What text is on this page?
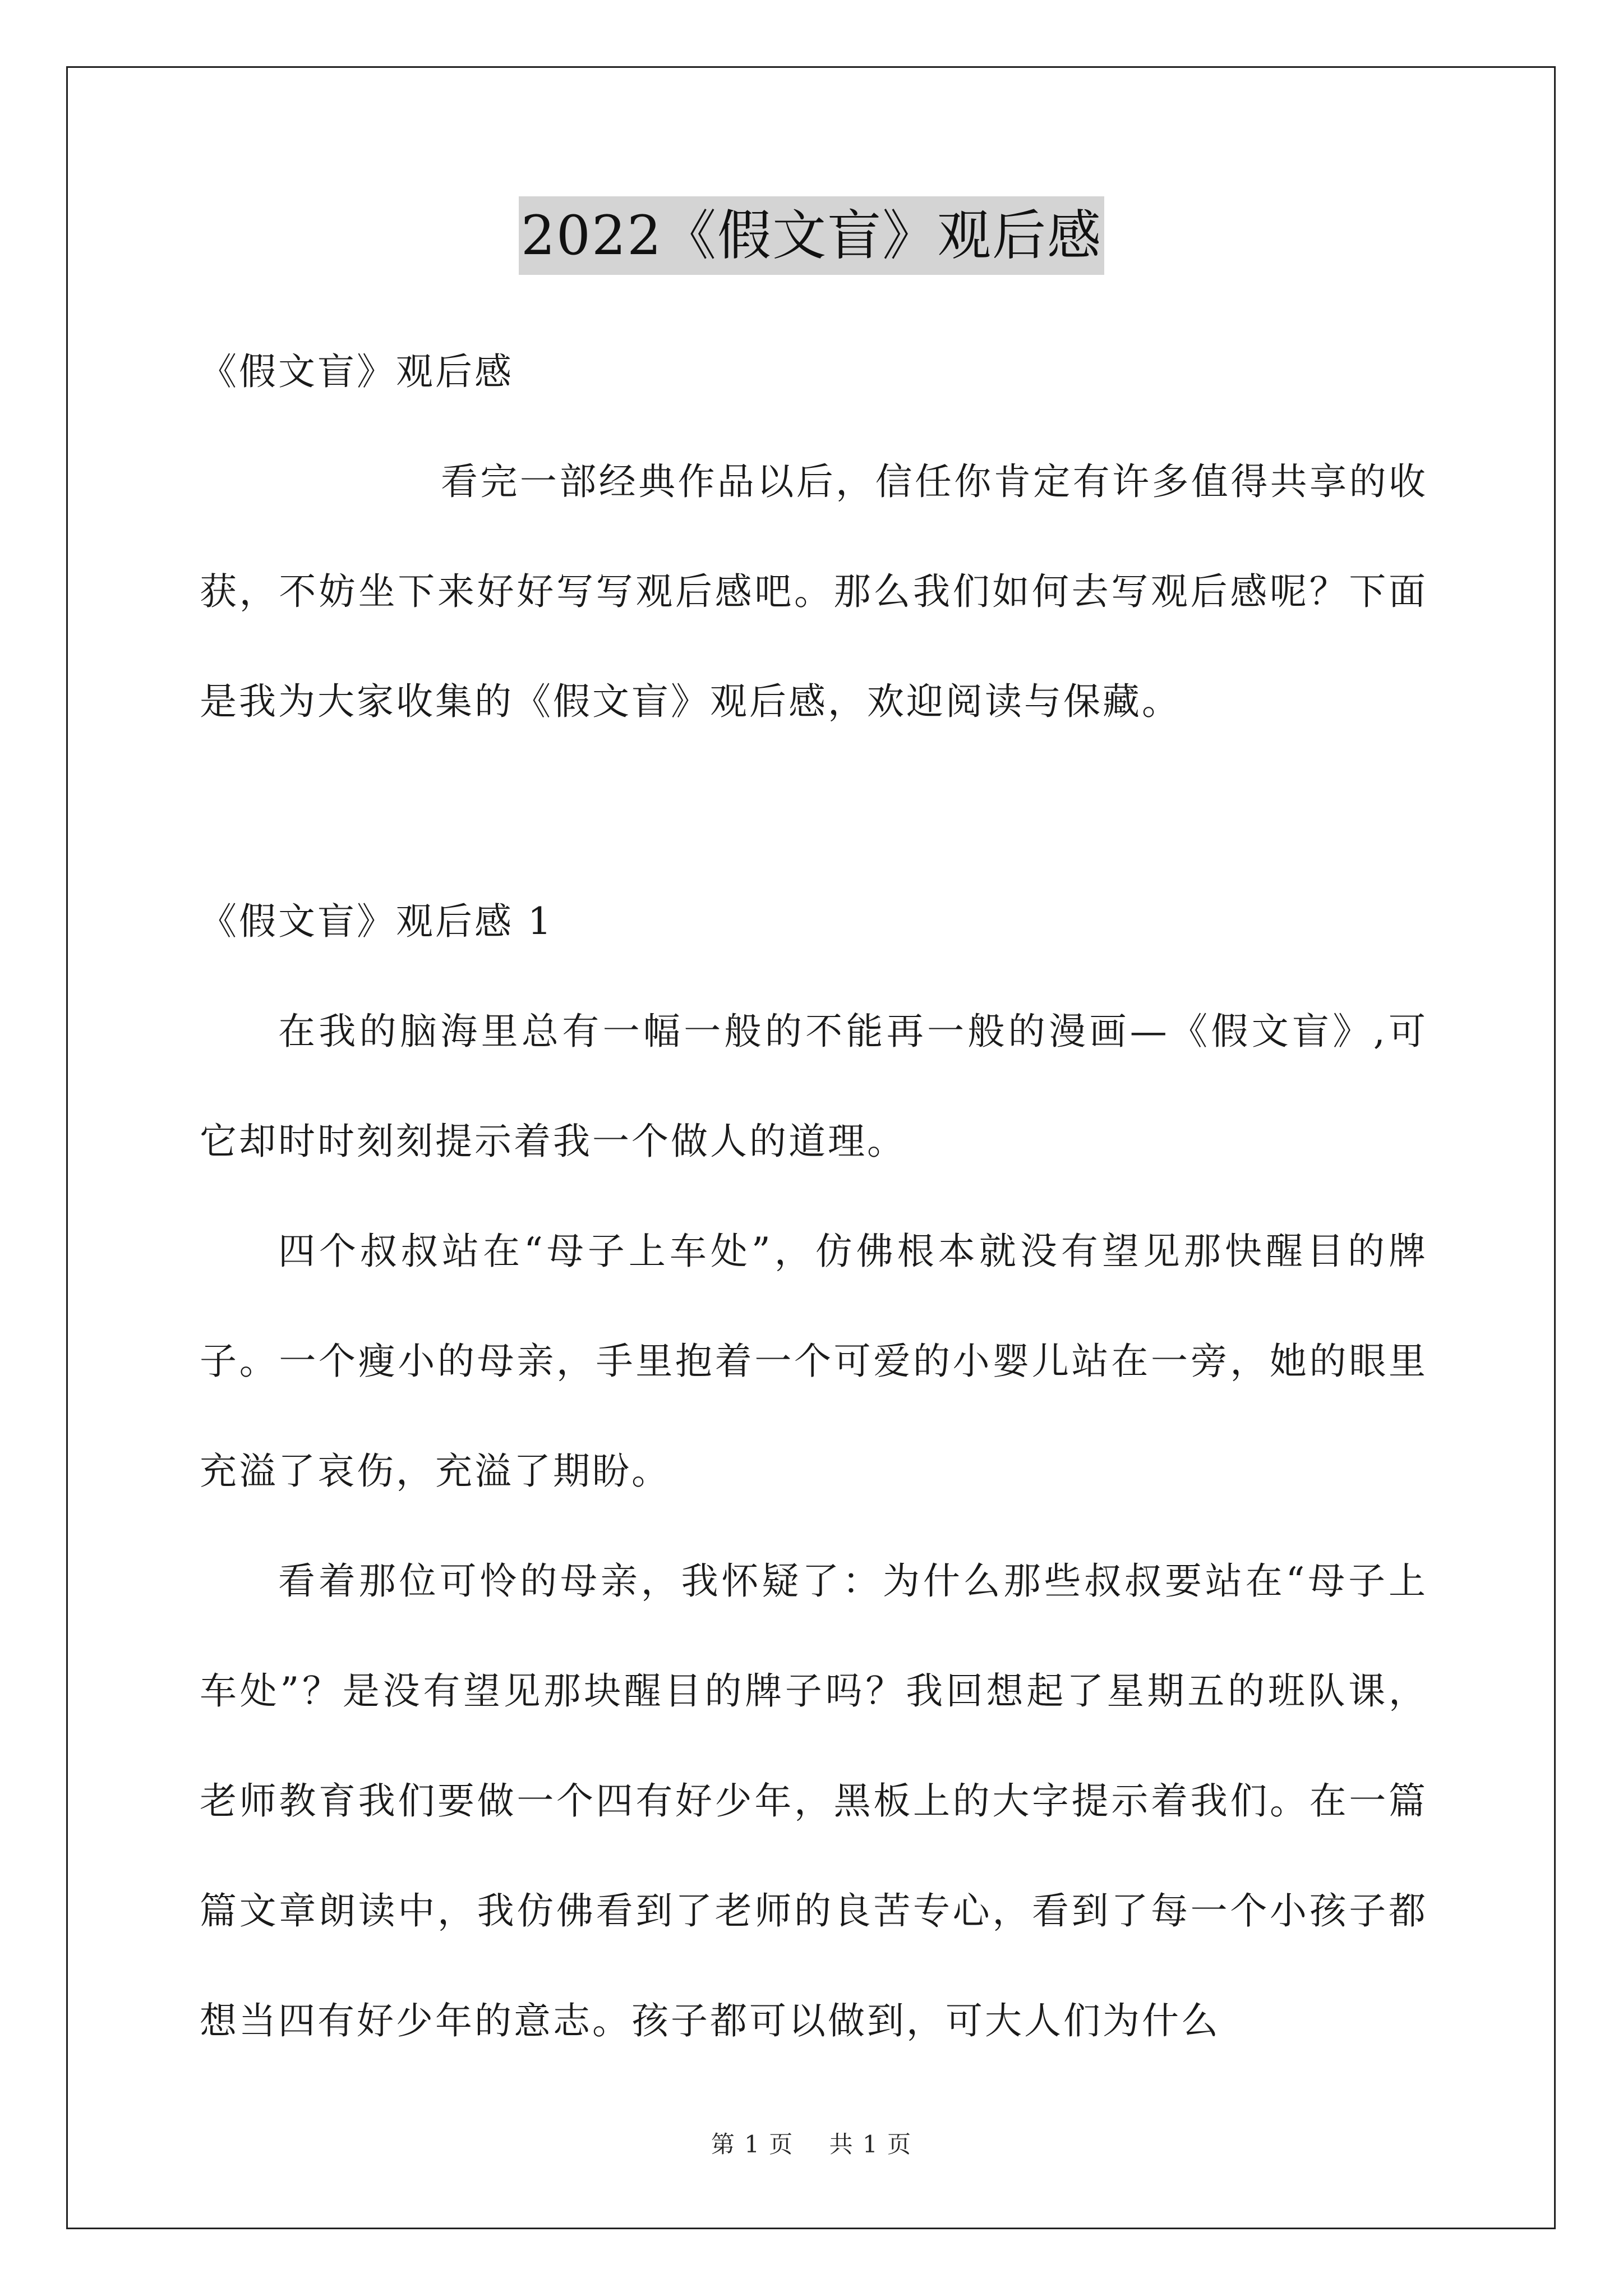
2022《假文盲》观后感

《假文盲》观后感

看完一部经典作品以后，信任你肯定有许多值得共享的收获，不妨坐下来好好写写观后感吧。那么我们如何去写观后感呢？下面是我为大家收集的《假文盲》观后感，欢迎阅读与保藏。

《假文盲》观后感 1

在我的脑海里总有一幅一般的不能再一般的漫画—《假文盲》,可它却时时刻刻提示着我一个做人的道理。

四个叔叔站在“母子上车处”，仿佛根本就没有望见那快醒目的牌子。一个瘦小的母亲，手里抱着一个可爱的小婴儿站在一旁，她的眼里充溢了哀伤，充溢了期盼。

看着那位可怜的母亲，我怀疑了：为什么那些叔叔要站在“母子上车处”？是没有望见那块醒目的牌子吗？我回想起了星期五的班队课，老师教育我们要做一个四有好少年，黑板上的大字提示着我们。在一篇篇文章朗读中，我仿佛看到了老师的良苦专心，看到了每一个小孩子都想当四有好少年的意志。孩子都可以做到，可大人们为什么

第 1 页 共 1 页
